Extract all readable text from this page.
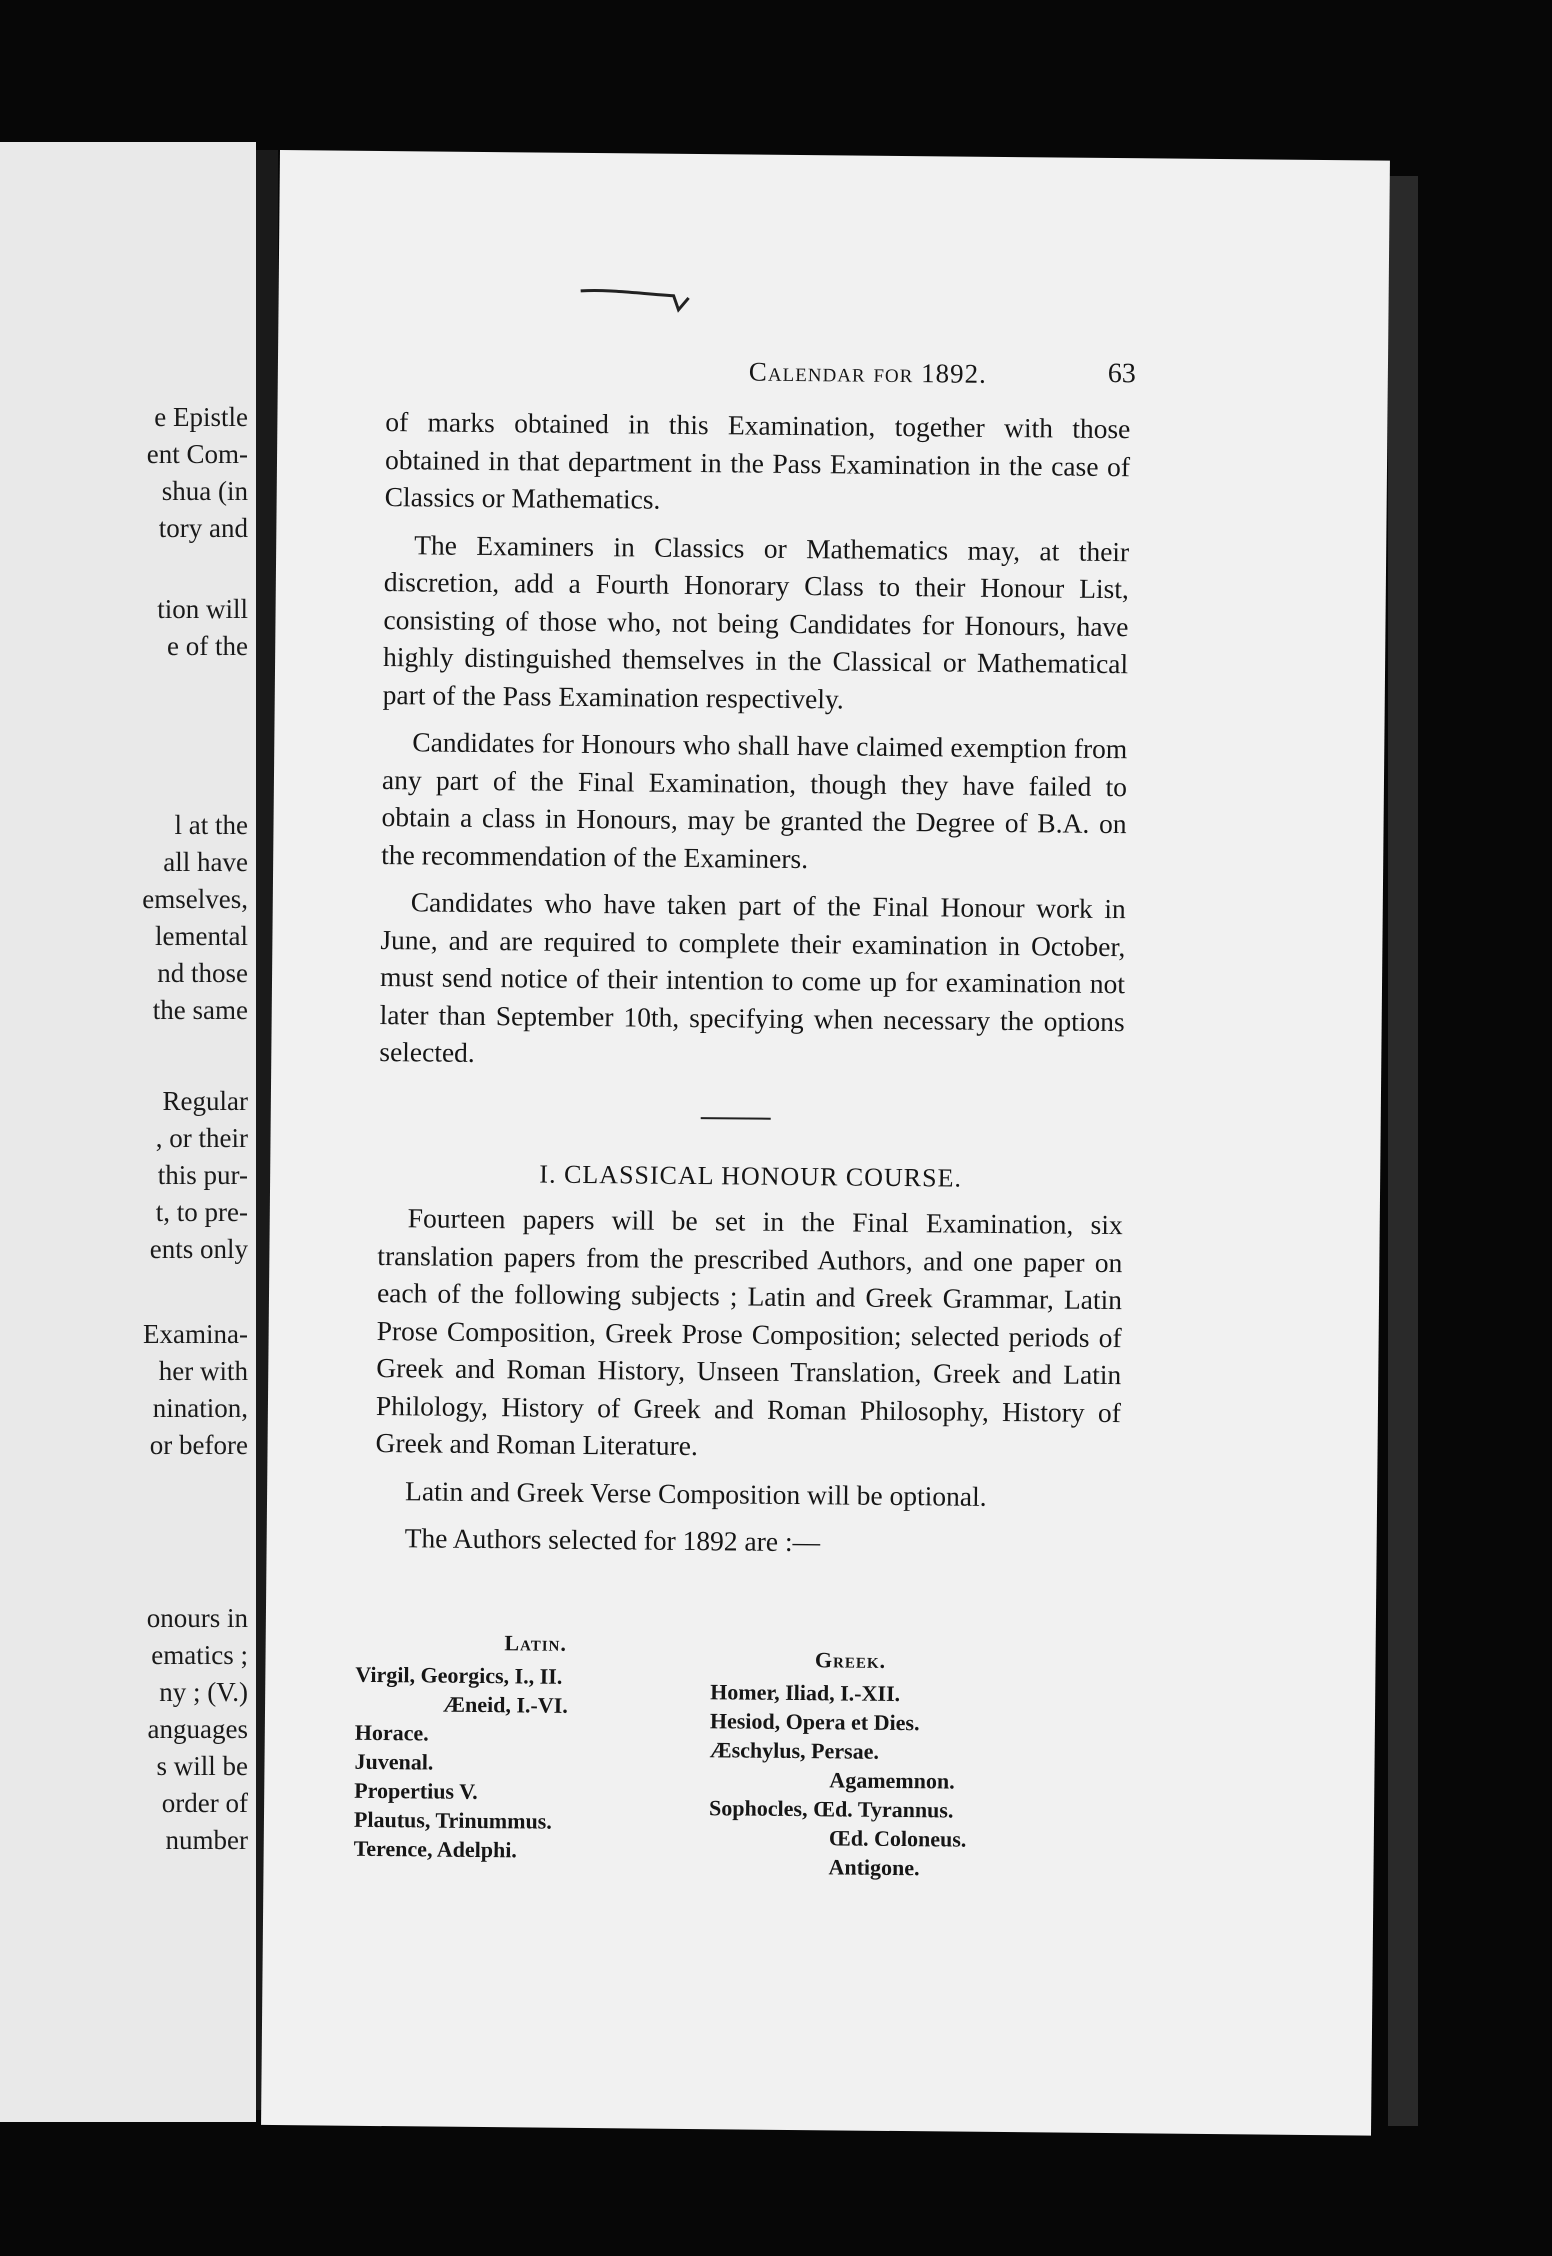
e Epistle
ent Com-
shua (in
tory and
tion will
e of the
l at the
all have
emselves,
lemental
nd those
the same
Regular
, or their
this pur-
t, to pre-
ents only
Examina-
her with
nination,
or before
onours in
ematics ;
ny ; (V.)
anguages
s will be
order of
number
Calendar for 1892.	63

of marks obtained in this Examination, together with those obtained in that department in the Pass Examination in the case of Classics or Mathematics.

The Examiners in Classics or Mathematics may, at their discretion, add a Fourth Honorary Class to their Honour List, consisting of those who, not being Candidates for Honours, have highly distinguished themselves in the Classical or Mathematical part of the Pass Examination respectively.

Candidates for Honours who shall have claimed exemption from any part of the Final Examination, though they have failed to obtain a class in Honours, may be granted the Degree of B.A. on the recommendation of the Examiners.

Candidates who have taken part of the Final Honour work in June, and are required to complete their examination in October, must send notice of their intention to come up for examination not later than September 10th, specifying when necessary the options selected.

I. CLASSICAL HONOUR COURSE.

Fourteen papers will be set in the Final Examination, six translation papers from the prescribed Authors, and one paper on each of the following subjects ; Latin and Greek Grammar, Latin Prose Composition, Greek Prose Composition; selected periods of Greek and Roman History, Unseen Translation, Greek and Latin Philology, History of Greek and Roman Philosophy, History of Greek and Roman Literature.

Latin and Greek Verse Composition will be optional.

The Authors selected for 1892 are :—

Latin.
Virgil, Georgics, I., II.
Æneid, I.-VI.
Horace.
Juvenal.
Propertius V.
Plautus, Trinummus.
Terence, Adelphi.
Greek.
Homer, Iliad, I.-XII.
Hesiod, Opera et Dies.
Æschylus, Persae.
Agamemnon.
Sophocles, Œd. Tyrannus.
Œd. Coloneus.
Antigone.
